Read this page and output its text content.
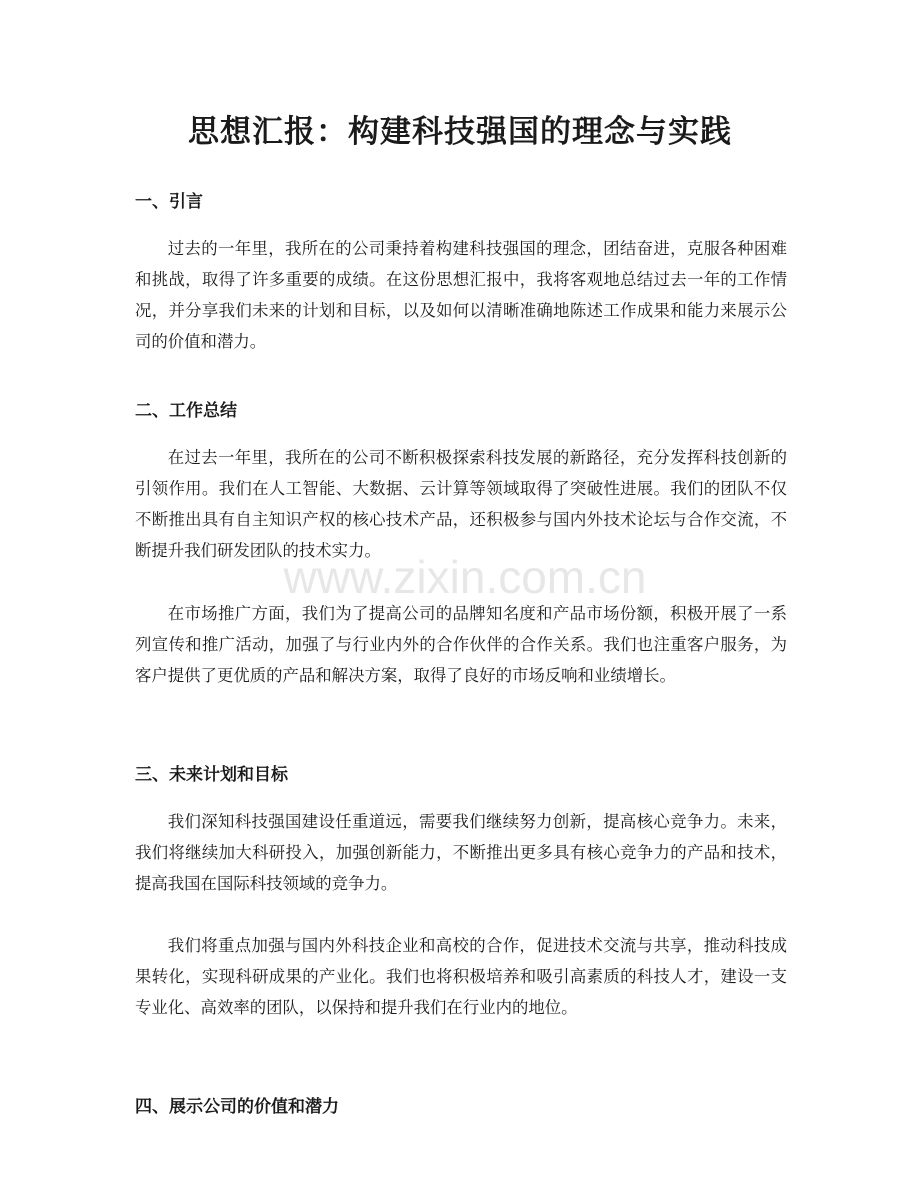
思想汇报：构建科技强国的理念与实践
一、引言

过去的一年里，我所在的公司秉持着构建科技强国的理念，团结奋进，克服各种困难和挑战，取得了许多重要的成绩。在这份思想汇报中，我将客观地总结过去一年的工作情况，并分享我们未来的计划和目标，以及如何以清晰准确地陈述工作成果和能力来展示公司的价值和潜力。

二、工作总结

在过去一年里，我所在的公司不断积极探索科技发展的新路径，充分发挥科技创新的引领作用。我们在人工智能、大数据、云计算等领域取得了突破性进展。我们的团队不仅不断推出具有自主知识产权的核心技术产品，还积极参与国内外技术论坛与合作交流，不断提升我们研发团队的技术实力。

在市场推广方面，我们为了提高公司的品牌知名度和产品市场份额，积极开展了一系列宣传和推广活动，加强了与行业内外的合作伙伴的合作关系。我们也注重客户服务，为客户提供了更优质的产品和解决方案，取得了良好的市场反响和业绩增长。

三、未来计划和目标

我们深知科技强国建设任重道远，需要我们继续努力创新，提高核心竞争力。未来，我们将继续加大科研投入，加强创新能力，不断推出更多具有核心竞争力的产品和技术，提高我国在国际科技领域的竞争力。

我们将重点加强与国内外科技企业和高校的合作，促进技术交流与共享，推动科技成果转化，实现科研成果的产业化。我们也将积极培养和吸引高素质的科技人才，建设一支专业化、高效率的团队，以保持和提升我们在行业内的地位。

四、展示公司的价值和潜力
www.zixin.com.cn
